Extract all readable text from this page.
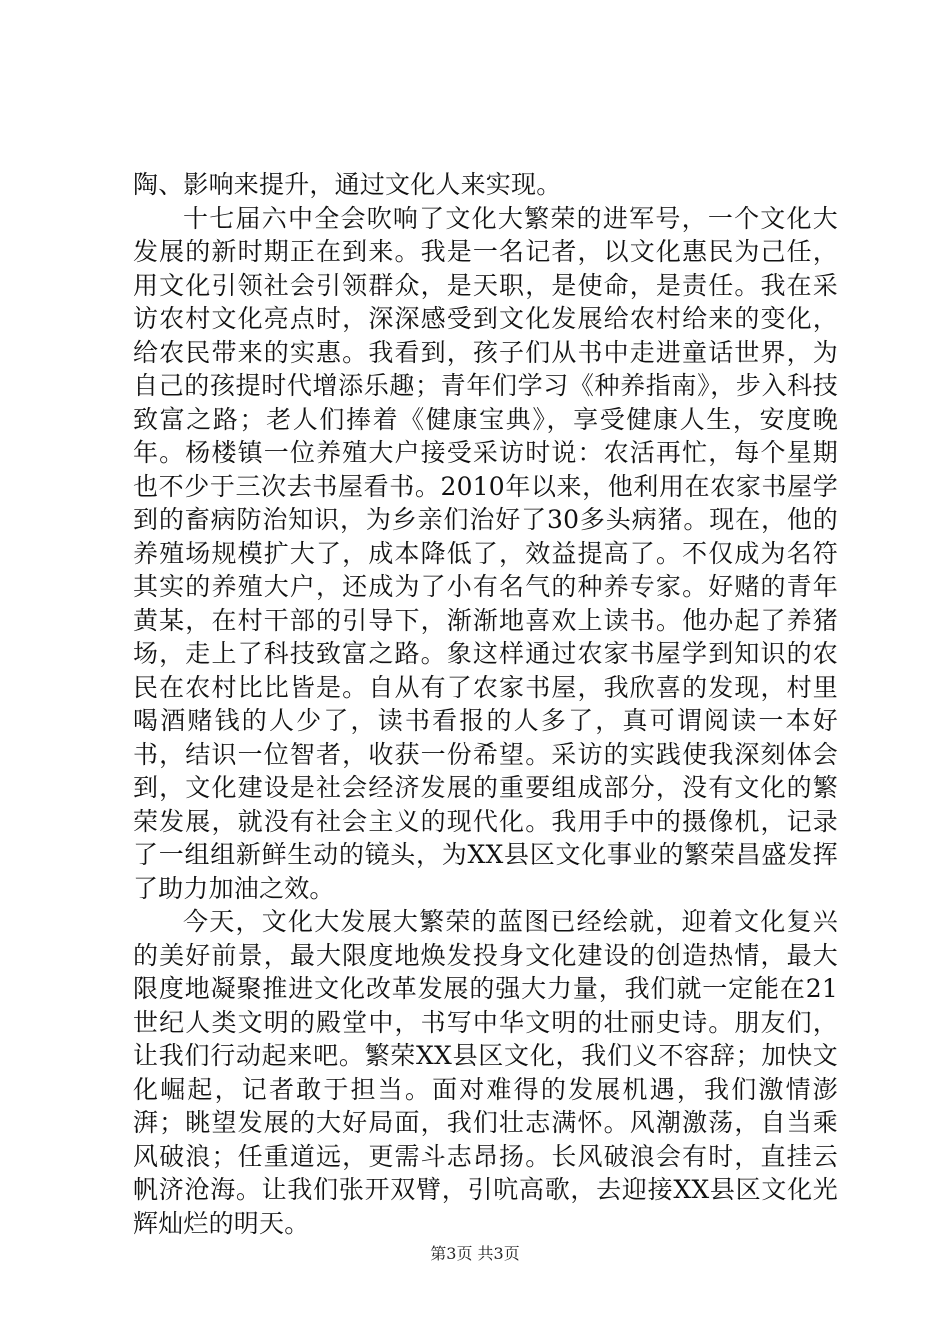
陶、影响来提升，通过文化人来实现。

十七届六中全会吹响了文化大繁荣的进军号，一个文化大发展的新时期正在到来。我是一名记者，以文化惠民为己任，用文化引领社会引领群众，是天职，是使命，是责任。我在采访农村文化亮点时，深深感受到文化发展给农村给来的变化，给农民带来的实惠。我看到，孩子们从书中走进童话世界，为自己的孩提时代增添乐趣；青年们学习《种养指南》，步入科技致富之路；老人们捧着《健康宝典》，享受健康人生，安度晚年。杨楼镇一位养殖大户接受采访时说：农活再忙，每个星期也不少于三次去书屋看书。2010年以来，他利用在农家书屋学到的畜病防治知识，为乡亲们治好了30多头病猪。现在，他的养殖场规模扩大了，成本降低了，效益提高了。不仅成为名符其实的养殖大户，还成为了小有名气的种养专家。好赌的青年黄某，在村干部的引导下，渐渐地喜欢上读书。他办起了养猪场，走上了科技致富之路。象这样通过农家书屋学到知识的农民在农村比比皆是。自从有了农家书屋，我欣喜的发现，村里喝酒赌钱的人少了，读书看报的人多了，真可谓阅读一本好书，结识一位智者，收获一份希望。采访的实践使我深刻体会到，文化建设是社会经济发展的重要组成部分，没有文化的繁荣发展，就没有社会主义的现代化。我用手中的摄像机，记录了一组组新鲜生动的镜头，为XX县区文化事业的繁荣昌盛发挥了助力加油之效。

今天，文化大发展大繁荣的蓝图已经绘就，迎着文化复兴的美好前景，最大限度地焕发投身文化建设的创造热情，最大限度地凝聚推进文化改革发展的强大力量，我们就一定能在21世纪人类文明的殿堂中，书写中华文明的壮丽史诗。朋友们，让我们行动起来吧。繁荣XX县区文化，我们义不容辞；加快文化崛起，记者敢于担当。面对难得的发展机遇，我们激情澎湃；眺望发展的大好局面，我们壮志满怀。风潮激荡，自当乘风破浪；任重道远，更需斗志昂扬。长风破浪会有时，直挂云帆济沧海。让我们张开双臂，引吭高歌，去迎接XX县区文化光辉灿烂的明天。

第3页 共3页
